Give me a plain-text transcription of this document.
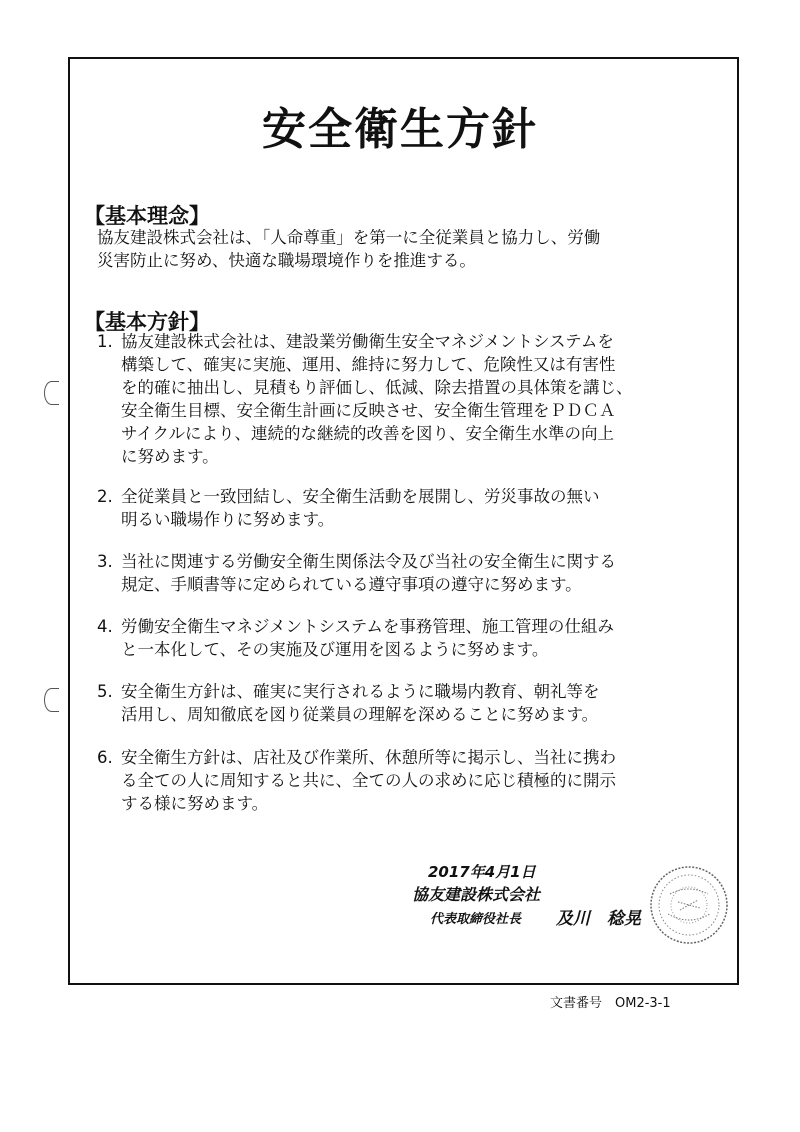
安全衛生方針
【基本理念】
協友建設株式会社は、「人命尊重」を第一に全従業員と協力し、労働
災害防止に努め、快適な職場環境作りを推進する。
【基本方針】
1. 協友建設株式会社は、建設業労働衛生安全マネジメントシステムを
構築して、確実に実施、運用、維持に努力して、危険性又は有害性
を的確に抽出し、見積もり評価し、低減、除去措置の具体策を講じ、
安全衛生目標、安全衛生計画に反映させ、安全衛生管理をＰＤＣＡ
サイクルにより、連続的な継続的改善を図り、安全衛生水準の向上
に努めます。
2. 全従業員と一致団結し、安全衛生活動を展開し、労災事故の無い
明るい職場作りに努めます。
3. 当社に関連する労働安全衛生関係法令及び当社の安全衛生に関する
規定、手順書等に定められている遵守事項の遵守に努めます。
4. 労働安全衛生マネジメントシステムを事務管理、施工管理の仕組み
と一本化して、その実施及び運用を図るように努めます。
5. 安全衛生方針は、確実に実行されるように職場内教育、朝礼等を
活用し、周知徹底を図り従業員の理解を深めることに努めます。
6. 安全衛生方針は、店社及び作業所、休憩所等に掲示し、当社に携わ
る全ての人に周知すると共に、全ての人の求めに応じ積極的に開示
する様に努めます。
2017年4月1日
協友建設株式会社
代表取締役社長 及川　稔晃
文書番号　OM2-3-1
